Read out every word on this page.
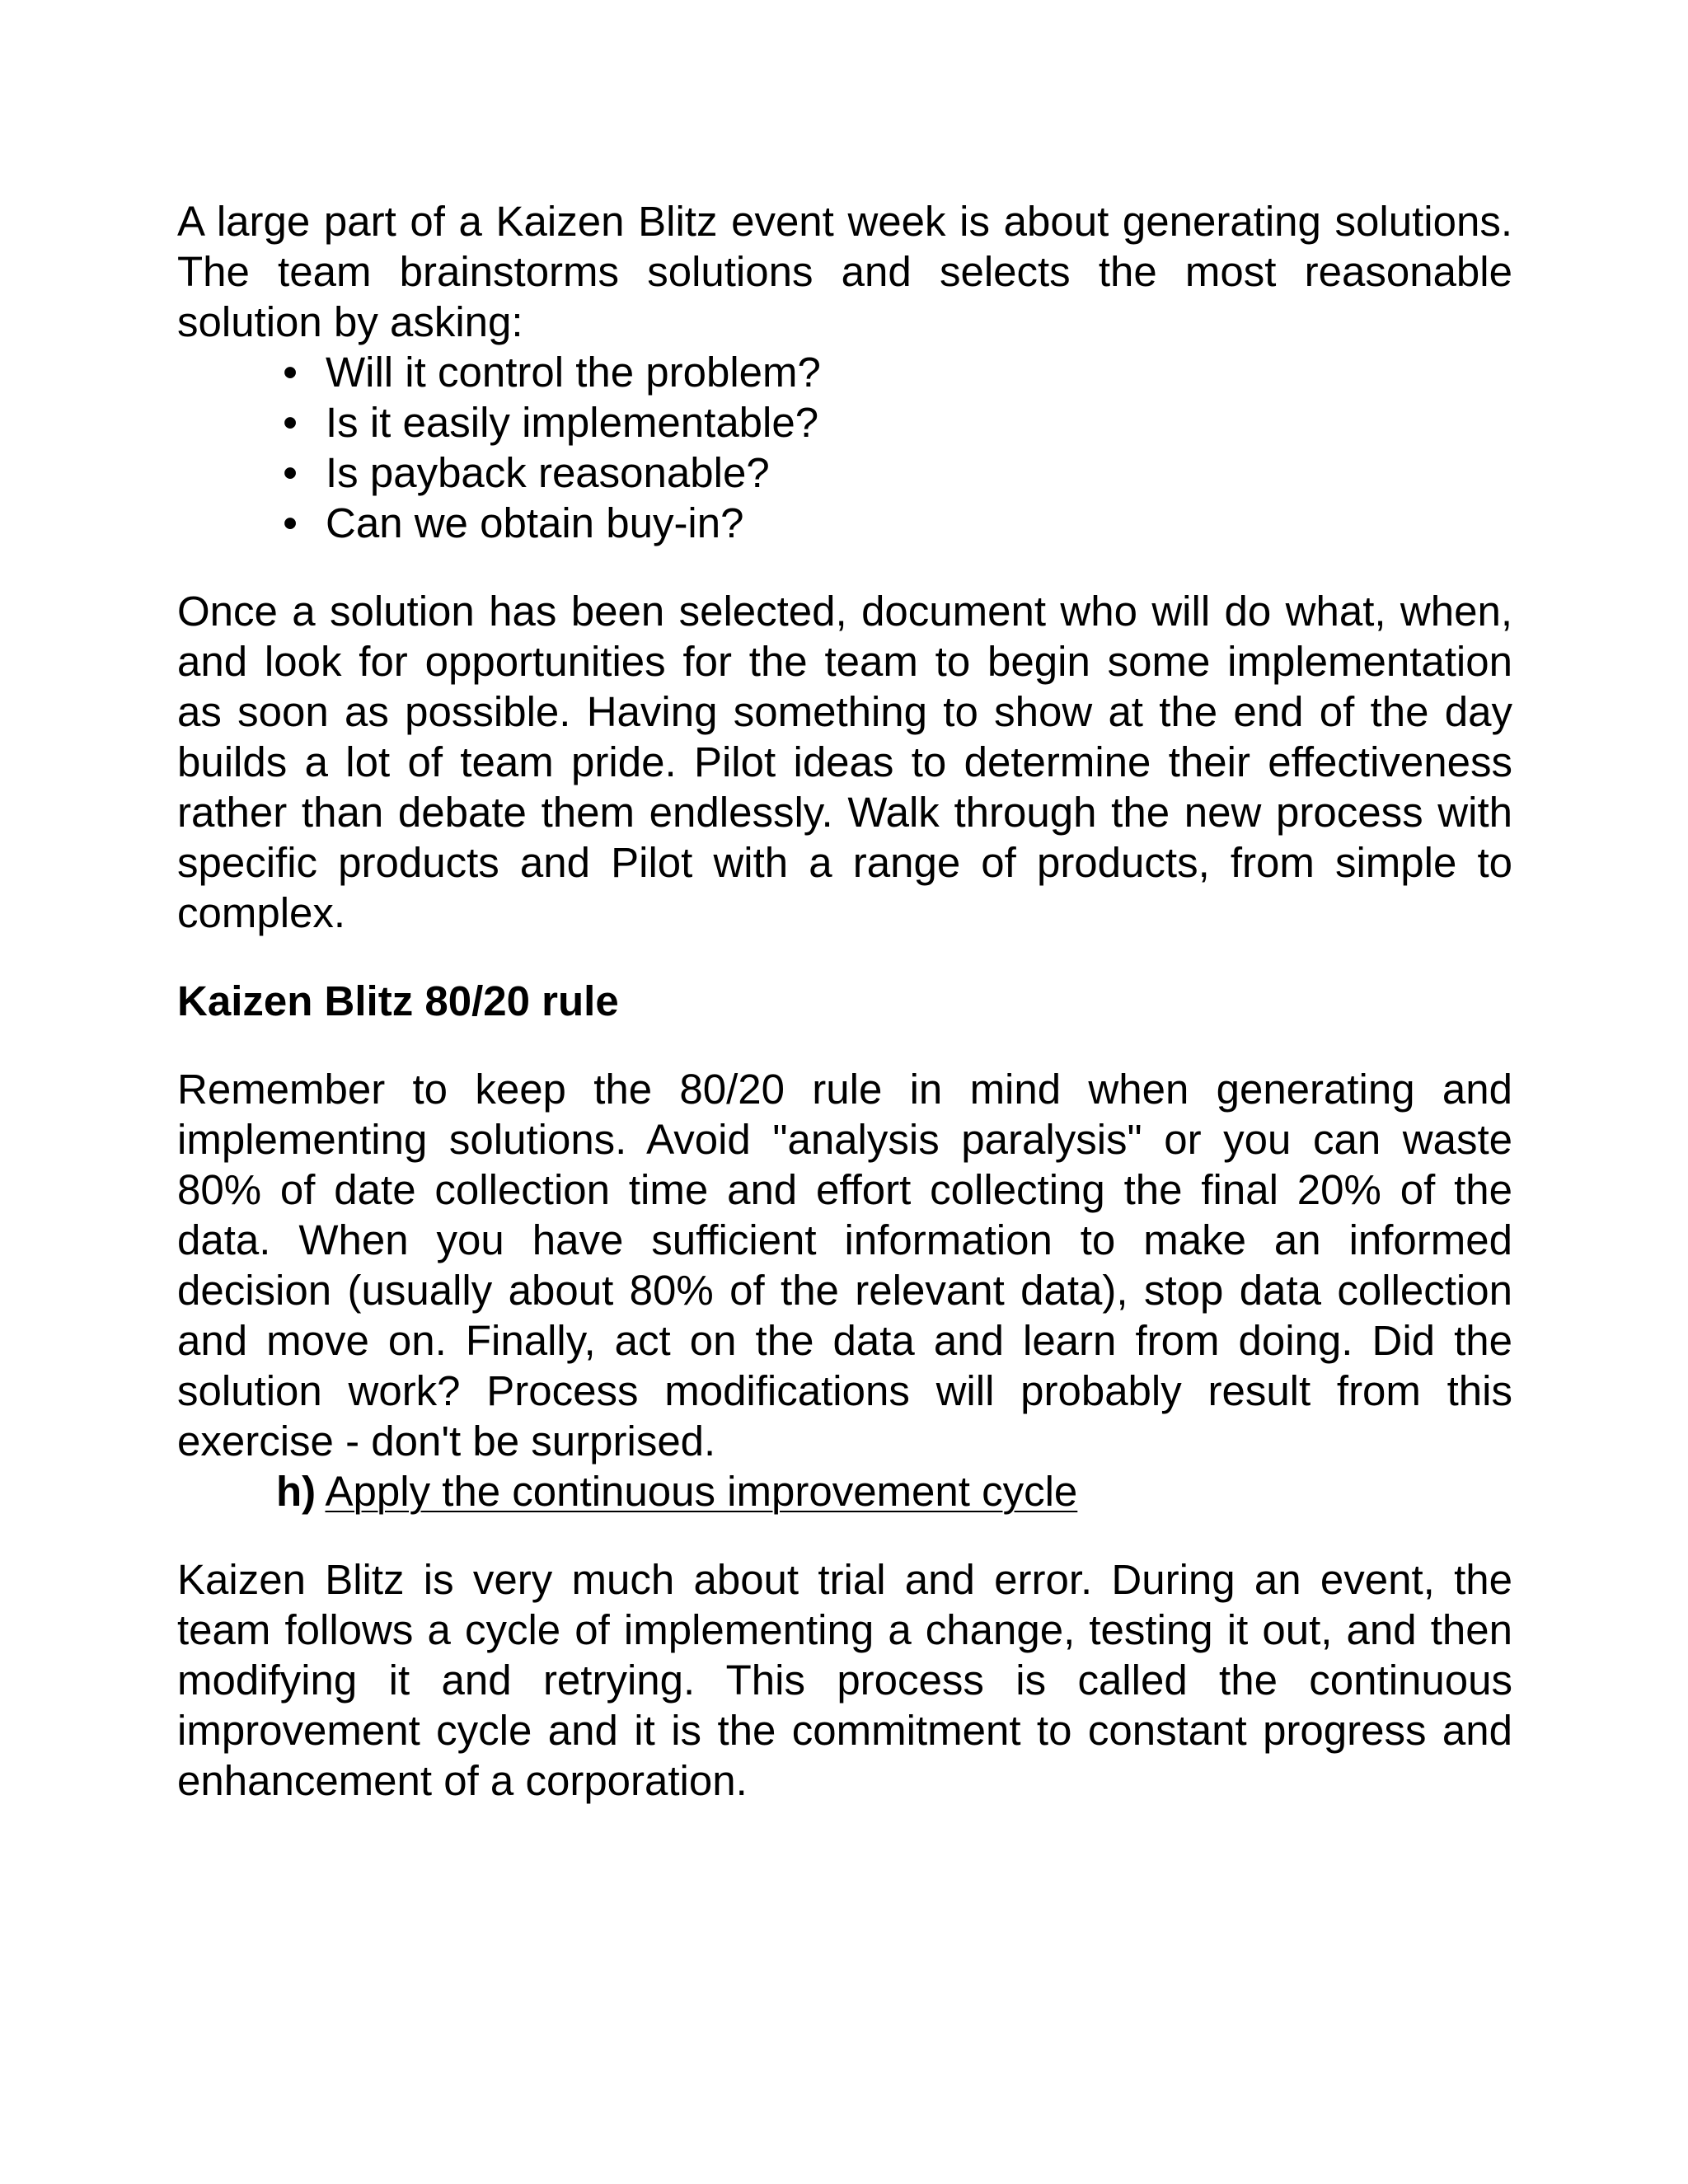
A large part of a Kaizen Blitz event week is about generating solutions. The team brainstorms solutions and selects the most reasonable solution by asking:

• Will it control the problem?
• Is it easily implementable?
• Is payback reasonable?
• Can we obtain buy-in?

Once a solution has been selected, document who will do what, when, and look for opportunities for the team to begin some implementation as soon as possible. Having something to show at the end of the day builds a lot of team pride. Pilot ideas to determine their effectiveness rather than debate them endlessly. Walk through the new process with specific products and Pilot with a range of products, from simple to complex.

Kaizen Blitz 80/20 rule

Remember to keep the 80/20 rule in mind when generating and implementing solutions. Avoid "analysis paralysis" or you can waste 80% of date collection time and effort collecting the final 20% of the data. When you have sufficient information to make an informed decision (usually about 80% of the relevant data), stop data collection and move on. Finally, act on the data and learn from doing. Did the solution work? Process modifications will probably result from this exercise - don't be surprised.

h) Apply the continuous improvement cycle

Kaizen Blitz is very much about trial and error. During an event, the team follows a cycle of implementing a change, testing it out, and then modifying it and retrying. This process is called the continuous improvement cycle and it is the commitment to constant progress and enhancement of a corporation.
